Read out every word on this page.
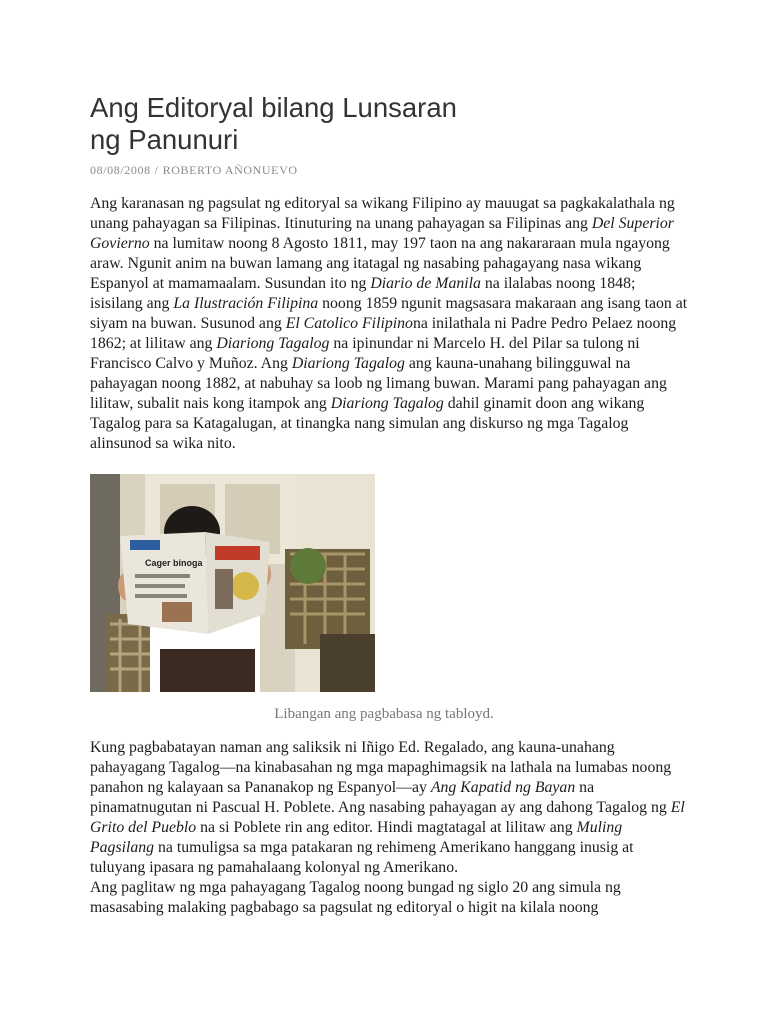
Ang Editoryal bilang Lunsaran
ng Panunuri
08/08/2008 / ROBERTO AÑONUEVO

Ang karanasan ng pagsulat ng editoryal sa wikang Filipino ay mauugat sa pagkakalathala ng unang pahayagan sa Filipinas. Itinuturing na unang pahayagan sa Filipinas ang Del Superior Govierno na lumitaw noong 8 Agosto 1811, may 197 taon na ang nakararaan mula ngayong araw. Ngunit anim na buwan lamang ang itatagal ng nasabing pahagayang nasa wikang Espanyol at mamamaalam. Susundan ito ng Diario de Manila na ilalabas noong 1848; isisilang ang La Ilustración Filipina noong 1859 ngunit magsasara makaraan ang isang taon at siyam na buwan. Susunod ang El Catolico Filipinona inilathala ni Padre Pedro Pelaez noong 1862; at lilitaw ang Diariong Tagalog na ipinundar ni Marcelo H. del Pilar sa tulong ni Francisco Calvo y Muñoz. Ang Diariong Tagalog ang kauna-unahang bilingguwal na pahayagan noong 1882, at nabuhay sa loob ng limang buwan. Marami pang pahayagan ang lilitaw, subalit nais kong itampok ang Diariong Tagalog dahil ginamit doon ang wikang Tagalog para sa Katagalugan, at tinangka nang simulan ang diskurso ng mga Tagalog alinsunod sa wika nito.

Cager binoga
Libangan ang pagbabasa ng tabloyd.

Kung pagbabatayan naman ang saliksik ni Iñigo Ed. Regalado, ang kauna-unahang pahayagang Tagalog—na kinabasahan ng mga mapaghimagsik na lathala na lumabas noong panahon ng kalayaan sa Pananakop ng Espanyol—ay Ang Kapatid ng Bayan na pinamatnugutan ni Pascual H. Poblete. Ang nasabing pahayagan ay ang dahong Tagalog ng El Grito del Pueblo na si Poblete rin ang editor. Hindi magtatagal at lilitaw ang Muling Pagsilang na tumuligsa sa mga patakaran ng rehimeng Amerikano hanggang inusig at tuluyang ipasara ng pamahalaang kolonyal ng Amerikano.
Ang paglitaw ng mga pahayagang Tagalog noong bungad ng siglo 20 ang simula ng masasabing malaking pagbabago sa pagsulat ng editoryal o higit na kilala noong
